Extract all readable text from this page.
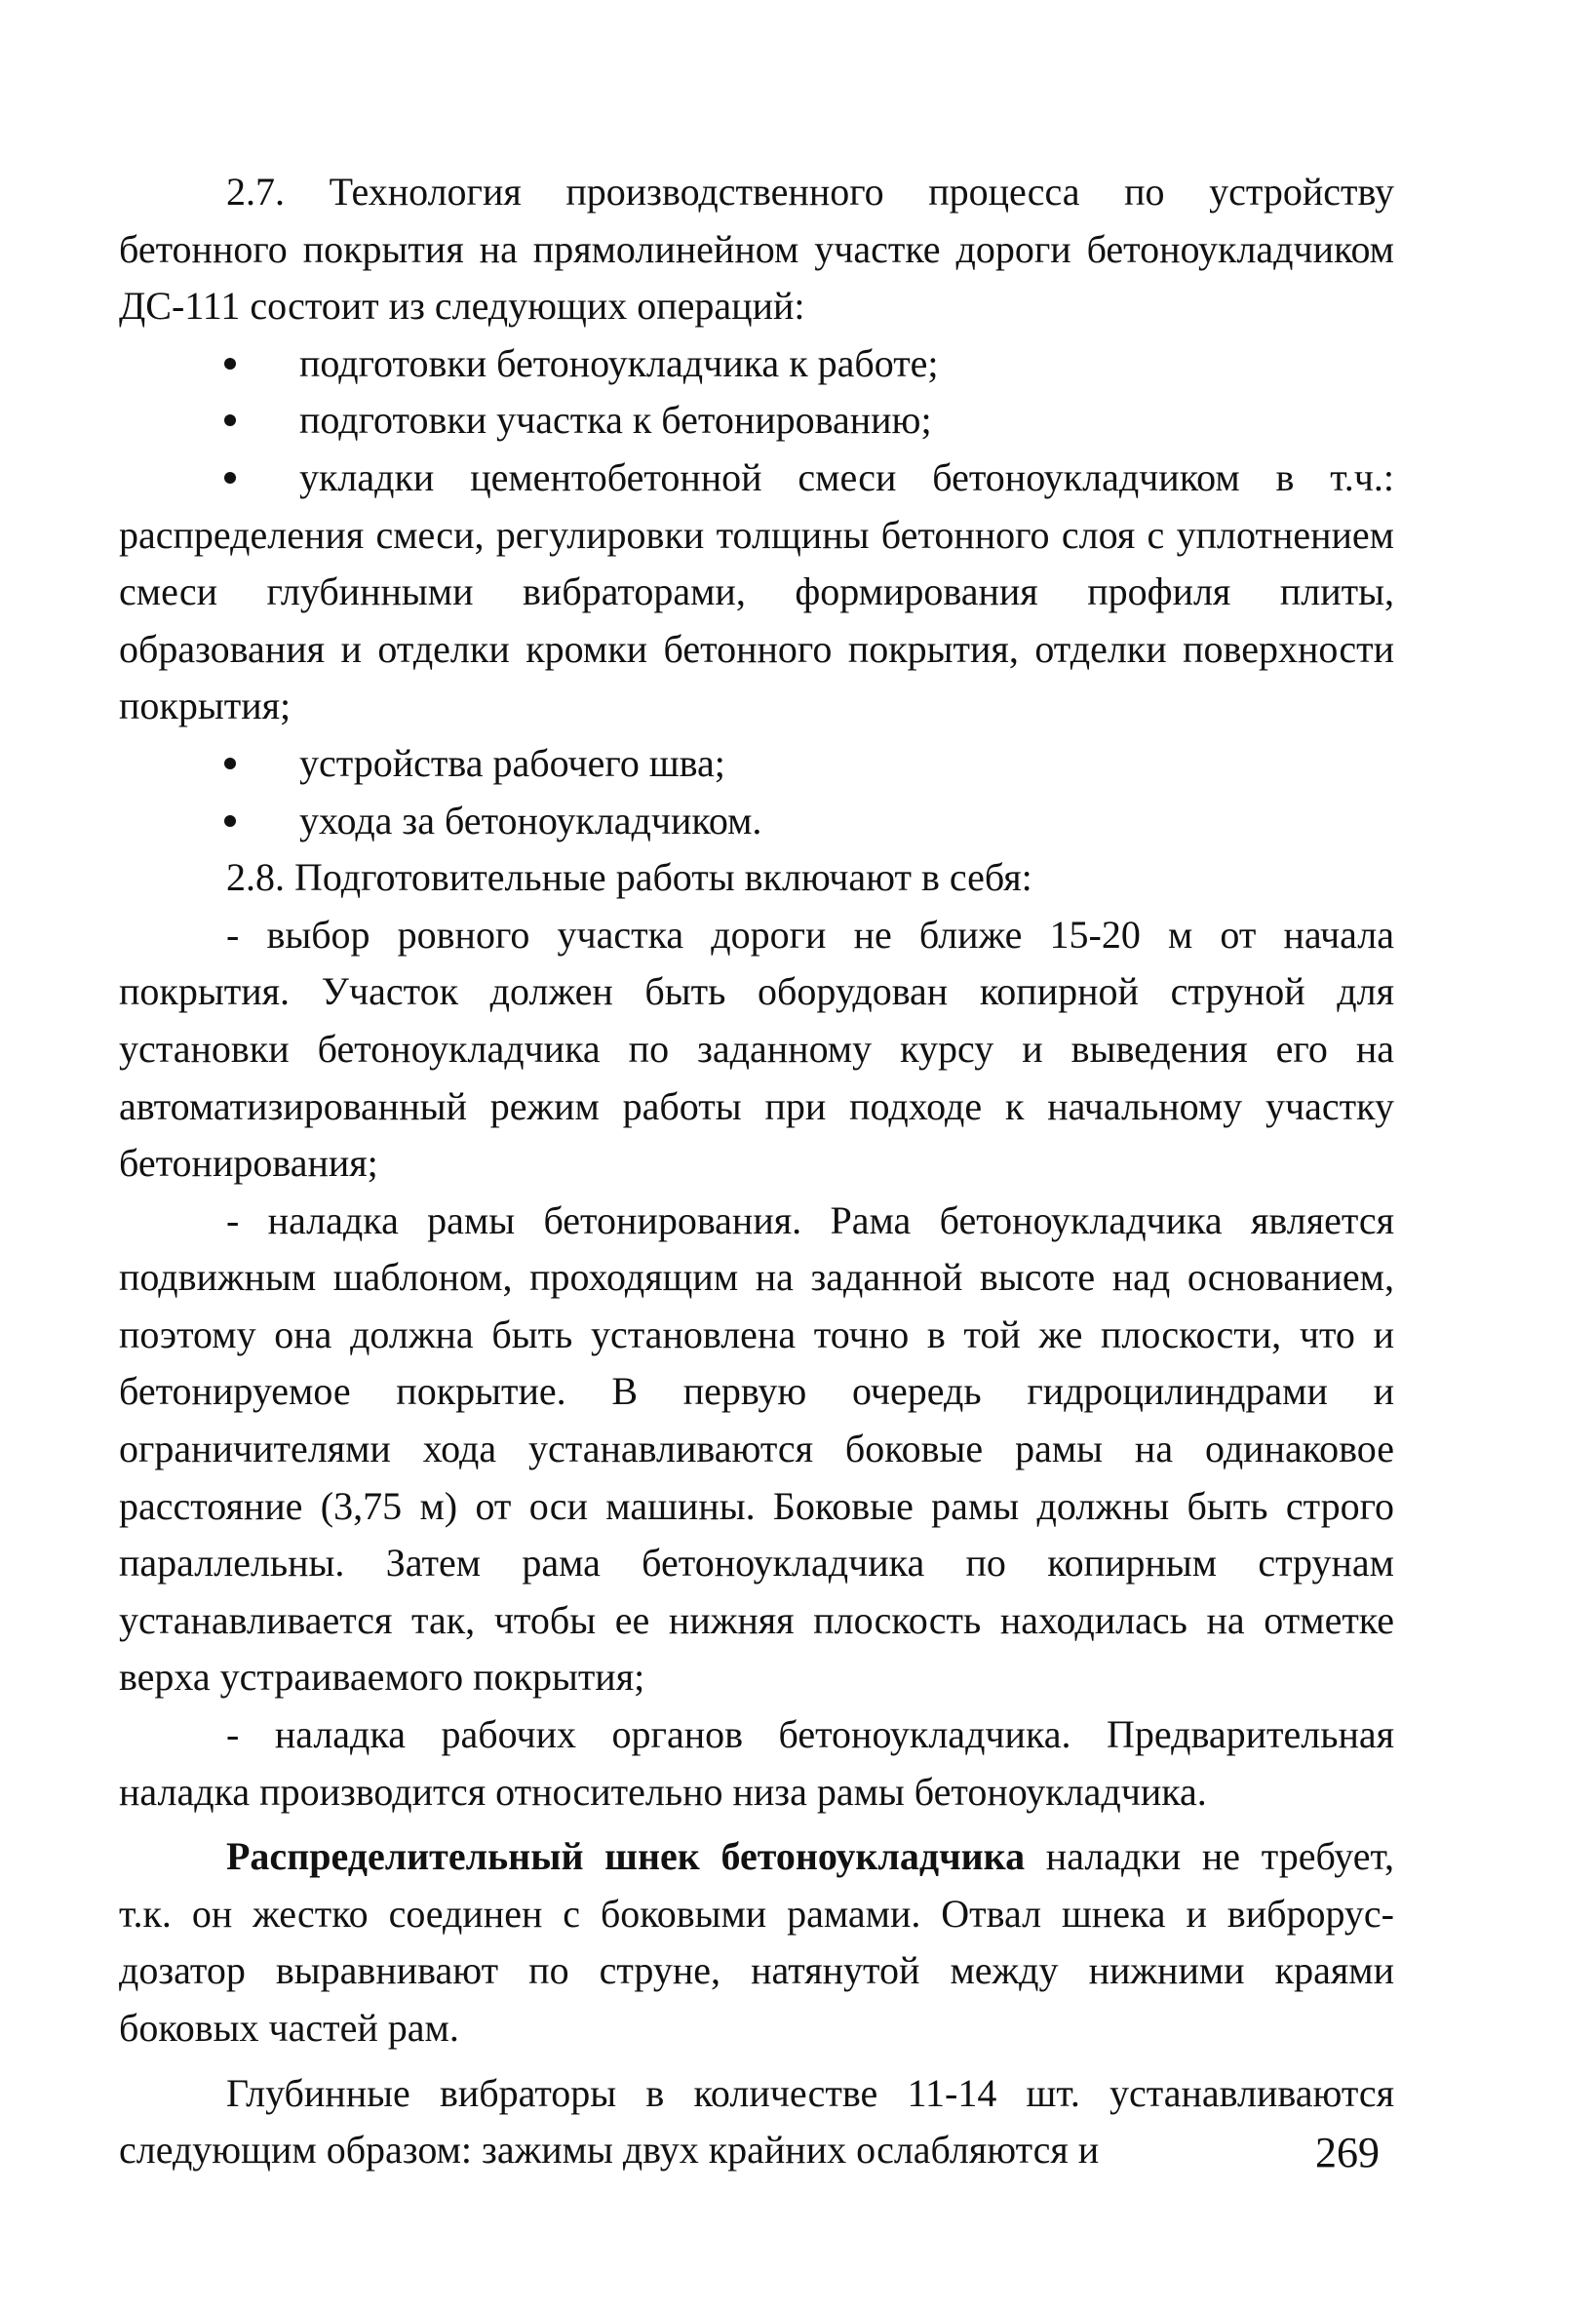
2.7. Технология производственного процесса по устройству бетонного покрытия на прямолинейном участке дороги бетоноукладчиком ДС-111 состоит из следующих операций:

подготовки бетоноукладчика к работе;
подготовки участка к бетонированию;
укладки цементобетонной смеси бетоноукладчиком в т.ч.: распределения смеси, регулировки толщины бетонного слоя с уплотнением смеси глубинными вибраторами, формирования профиля плиты, образования и отделки кромки бетонного покрытия, отделки поверхности покрытия;
устройства рабочего шва;
ухода за бетоноукладчиком.

2.8. Подготовительные работы включают в себя:

- выбор ровного участка дороги не ближе 15-20 м от начала покрытия. Участок должен быть оборудован копирной струной для установки бетоноукладчика по заданному курсу и выведения его на автоматизированный режим работы при подходе к начальному участку бетонирования;

- наладка рамы бетонирования. Рама бетоноукладчика является подвижным шаблоном, проходящим на заданной высоте над основанием, поэтому она должна быть установлена точно в той же плоскости, что и бетонируемое покрытие. В первую очередь гидроцилиндрами и ограничителями хода устанавливаются боковые рамы на одинаковое расстояние (3,75 м) от оси машины. Боковые рамы должны быть строго параллельны. Затем рама бетоноукладчика по копирным струнам устанавливается так, чтобы ее нижняя плоскость находилась на отметке верха устраиваемого покрытия;

- наладка рабочих органов бетоноукладчика. Предварительная наладка производится относительно низа рамы бетоноукладчика.

Распределительный шнек бетоноукладчика наладки не требует, т.к. он жестко соединен с боковыми рамами. Отвал шнека и виброрус-дозатор выравнивают по струне, натянутой между нижними краями боковых частей рам.

Глубинные вибраторы в количестве 11-14 шт. устанавливаются следующим образом: зажимы двух крайних ослабляются и	269
